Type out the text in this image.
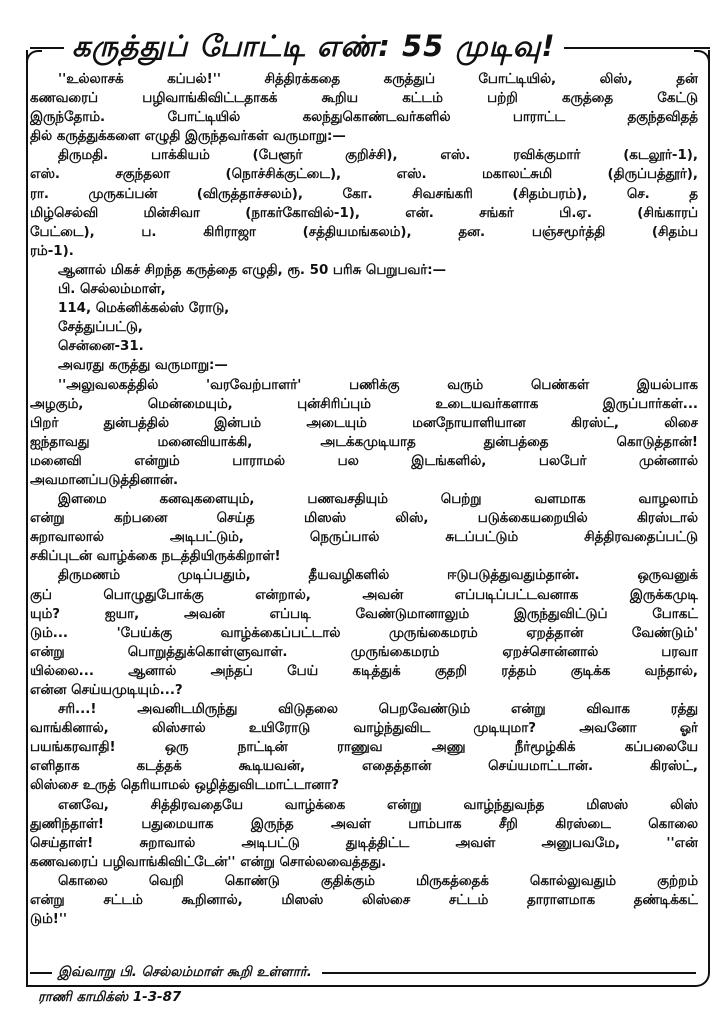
கருத்துப் போட்டி எண்: 55 முடிவு!
''உல்லாசக் கப்பல்!'' சித்திரக்கதை கருத்துப் போட்டியில், லிஸ், தன்
கணவரைப் பழிவாங்கிவிட்டதாகக் கூறிய கட்டம் பற்றி கருத்தை கேட்டு
இருந்தோம். போட்டியில் கலந்துகொண்டவர்களில் பாராட்ட தகுந்தவிதத்
தில் கருத்துக்களை எழுதி இருந்தவர்கள் வருமாறு:—
திருமதி. பாக்கியம் (பேளூர் குறிச்சி), எஸ். ரவிக்குமார் (கடலூர்-1),
எஸ். சகுந்தலா (நொச்சிக்குட்டை), எஸ். மகாலட்சுமி (திருப்பத்தூர்),
ரா. முருகப்பன் (விருத்தாச்சலம்), கோ. சிவசங்கரி (சிதம்பரம்), செ. த
மிழ்செல்வி மின்சிவா (நாகர்கோவில்-1), என். சங்கர் பி.ஏ. (சிங்காரப்
பேட்டை), ப. கிரிராஜா (சத்தியமங்கலம்), தன. பஞ்சமூர்த்தி (சிதம்ப
ரம்-1).
ஆனால் மிகச் சிறந்த கருத்தை எழுதி, ரூ. 50 பரிசு பெறுபவர்:—
பி. செல்லம்மாள்,
114, மெக்னிக்கல்ஸ் ரோடு,
சேத்துப்பட்டு,
சென்னை-31.
அவரது கருத்து வருமாறு:—
''அலுவலகத்தில் 'வரவேற்பாளர்' பணிக்கு வரும் பெண்கள் இயல்பாக
அழகும், மென்மையும், புன்சிரிப்பும் உடையவர்களாக இருப்பார்கள்...
பிறர் துன்பத்தில் இன்பம் அடையும் மனநோயாளியான கிரஸ்ட், லிசை
ஐந்தாவது மனைவியாக்கி, அடக்கமுடியாத துன்பத்தை கொடுத்தான்!
மனைவி என்றும் பாராமல் பல இடங்களில், பலபேர் முன்னால்
அவமானப்படுத்தினான்.
இளமை கனவுகளையும், பணவசதியும் பெற்று வளமாக வாழலாம்
என்று கற்பனை செய்த மிஸஸ் லிஸ், படுக்கையறையில் கிரஸ்டால்
சுறாவாலால் அடிபட்டும், நெருப்பால் சுடப்பட்டும் சித்திரவதைப்பட்டு
சகிப்புடன் வாழ்க்கை நடத்தியிருக்கிறாள்!
திருமணம் முடிப்பதும், தீயவழிகளில் ஈடுபடுத்துவதும்தான். ஒருவனுக்
குப் பொழுதுபோக்கு என்றால், அவன் எப்படிப்பட்டவனாக இருக்கமுடி
யும்? ஐயா, அவன் எப்படி வேண்டுமானாலும் இருந்துவிட்டுப் போகட்
டும்... 'பேய்க்கு வாழ்க்கைப்பட்டால் முருங்கைமரம் ஏறத்தான் வேண்டும்'
என்று பொறுத்துக்கொள்ளுவாள். முருங்கைமரம் ஏறச்சொன்னால் பரவா
யில்லை... ஆனால் அந்தப் பேய் கடித்துக் குதறி ரத்தம் குடிக்க வந்தால்,
என்ன செய்யமுடியும்...?
சரி...! அவனிடமிருந்து விடுதலை பெறவேண்டும் என்று விவாக ரத்து
வாங்கினால், லிஸ்சால் உயிரோடு வாழ்ந்துவிட முடியுமா? அவனோ ஓர்
பயங்கரவாதி! ஒரு நாட்டின் ராணுவ அணு நீர்மூழ்கிக் கப்பலையே
எளிதாக கடத்தக் கூடியவன், எதைத்தான் செய்யமாட்டான். கிரஸ்ட்,
லிஸ்சை உருத் தெரியாமல் ஒழித்துவிடமாட்டானா?
எனவே, சித்திரவதையே வாழ்க்கை என்று வாழ்ந்துவந்த மிஸஸ் லிஸ்
துணிந்தாள்! பதுமையாக இருந்த அவள் பாம்பாக சீறி கிரஸ்டை கொலை
செய்தாள்! சுறாவால் அடிபட்டு துடித்திட்ட அவள் அனுபவமே, ''என்
கணவரைப் பழிவாங்கிவிட்டேன்'' என்று சொல்லவைத்தது.
கொலை வெறி கொண்டு குதிக்கும் மிருகத்தைக் கொல்லுவதும் குற்றம்
என்று சட்டம் கூறினால், மிஸஸ் லிஸ்சை சட்டம் தாராளமாக தண்டிக்கட்
டும்!''
இவ்வாறு பி. செல்லம்மாள் கூறி உள்ளார்.
ராணி காமிக்ஸ் 1-3-87
